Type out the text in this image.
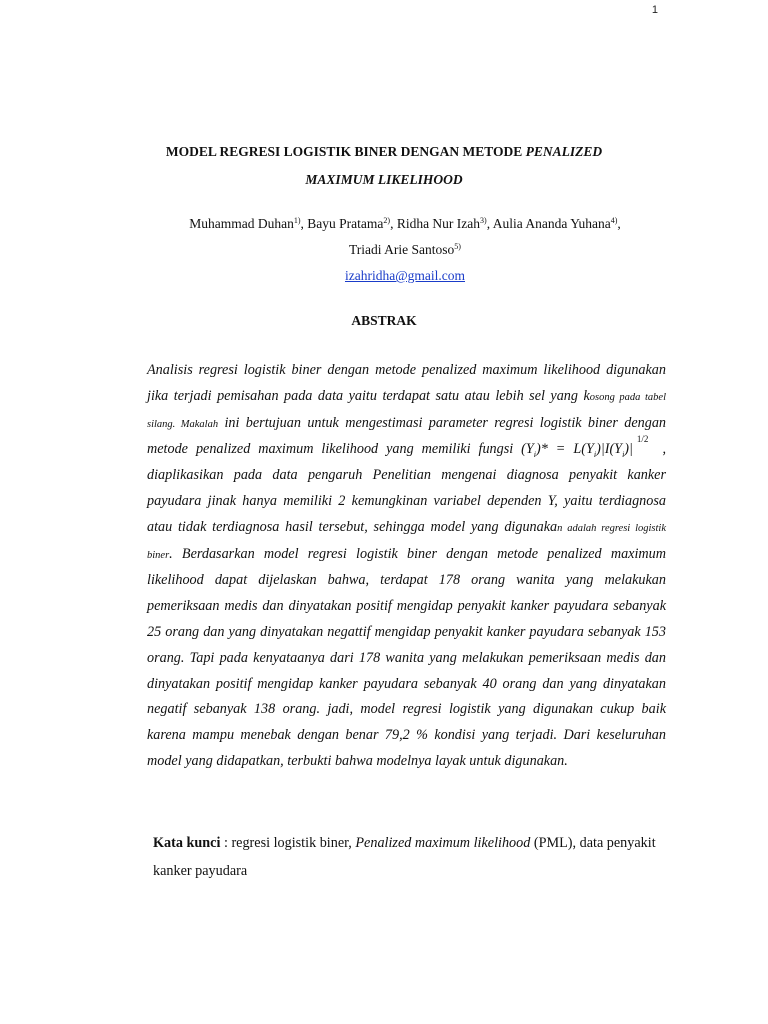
1
MODEL REGRESI LOGISTIK BINER DENGAN METODE PENALIZED
MAXIMUM LIKELIHOOD
Muhammad Duhan$^{1)}$, Bayu Pratama$^{2)}$, Ridha Nur Izah$^{3)}$, Aulia Ananda Yuhana$^{4)}$,
Triadi Arie Santoso$^{5)}$
izahridha@gmail.com
ABSTRAK
Analisis regresi logistik biner dengan metode penalized maximum likelihood digunakan jika terjadi pemisahan pada data yaitu terdapat satu atau lebih sel yang kosong pada tabel silang. Makalah ini bertujuan untuk mengestimasi parameter regresi logistik biner dengan metode penalized maximum likelihood yang memiliki fungsi $(Y_i)* = L(Y_i)|I(Y_i)|^{1/2}$, diaplikasikan pada data pengaruh Penelitian mengenai diagnosa penyakit kanker payudara jinak hanya memiliki 2 kemungkinan variabel dependen Y, yaitu terdiagnosa atau tidak terdiagnosa hasil tersebut, sehingga model yang digunakan adalah regresi logistik biner. Berdasarkan model regresi logistik biner dengan metode penalized maximum likelihood dapat dijelaskan bahwa, terdapat 178 orang wanita yang melakukan pemeriksaan medis dan dinyatakan positif mengidap penyakit kanker payudara sebanyak 25 orang dan yang dinyatakan negattif mengidap penyakit kanker payudara sebanyak 153 orang. Tapi pada kenyataanya dari 178 wanita yang melakukan pemeriksaan medis dan dinyatakan positif mengidap kanker payudara sebanyak 40 orang dan yang dinyatakan negatif sebanyak 138 orang. jadi, model regresi logistik yang digunakan cukup baik karena mampu menebak dengan benar 79,2 % kondisi yang terjadi. Dari keseluruhan model yang didapatkan, terbukti bahwa modelnya layak untuk digunakan.
Kata kunci : regresi logistik biner, Penalized maximum likelihood (PML), data penyakit kanker payudara
